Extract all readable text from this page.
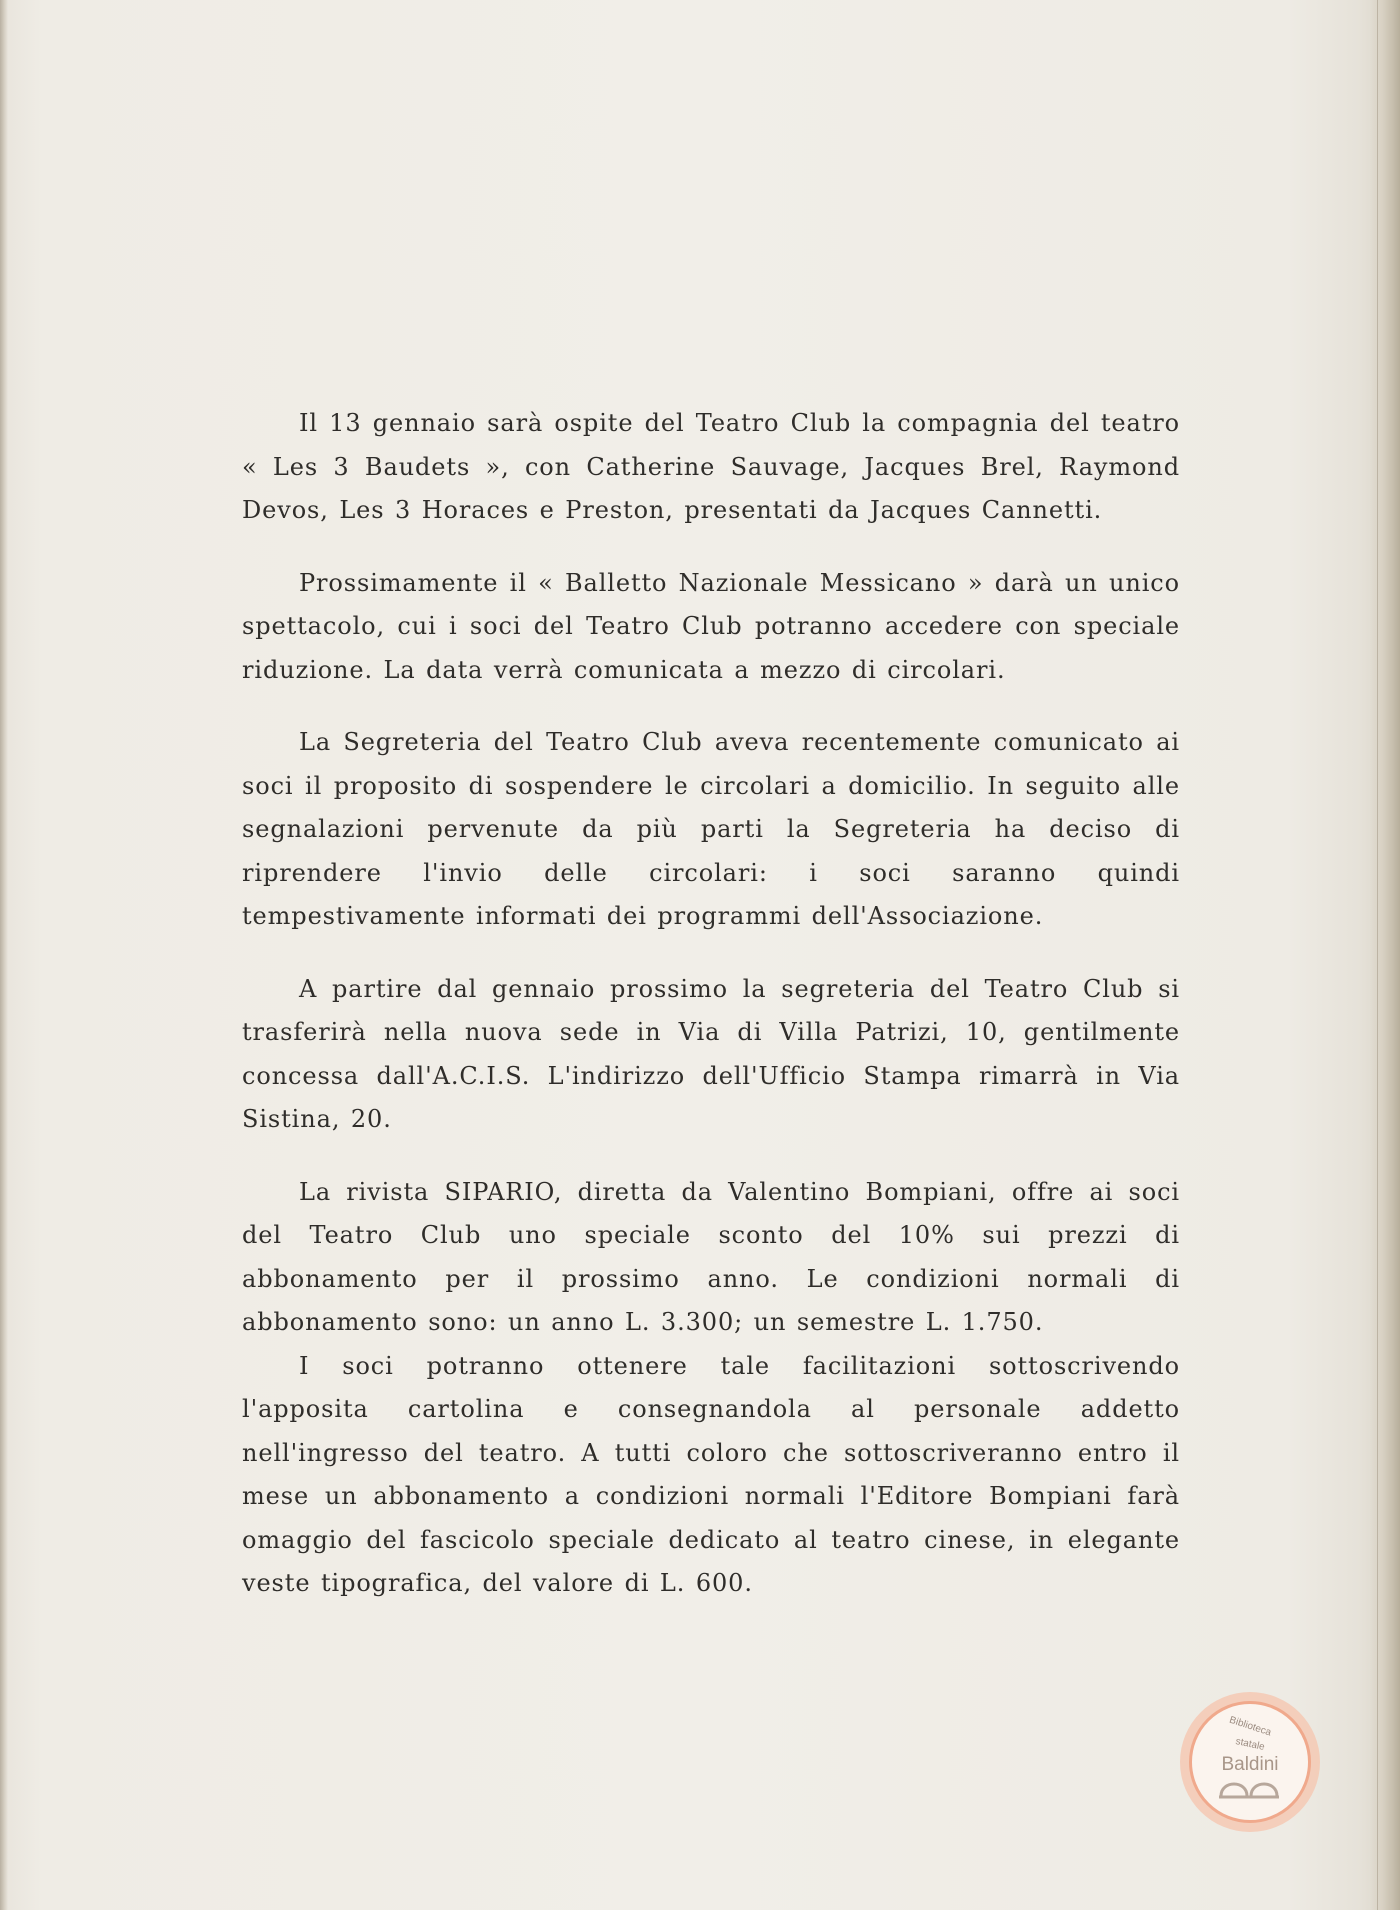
Il 13 gennaio sarà ospite del Teatro Club la compagnia del teatro « Les 3 Baudets », con Catherine Sauvage, Jacques Brel, Raymond Devos, Les 3 Horaces e Preston, presentati da Jacques Cannetti.

Prossimamente il « Balletto Nazionale Messicano » darà un unico spettacolo, cui i soci del Teatro Club potranno accedere con speciale riduzione. La data verrà comunicata a mezzo di circolari.

La Segreteria del Teatro Club aveva recentemente comunicato ai soci il proposito di sospendere le circolari a domicilio. In seguito alle segnalazioni pervenute da più parti la Segreteria ha deciso di riprendere l'invio delle circolari: i soci saranno quindi tempestivamente informati dei programmi dell'Associazione.

A partire dal gennaio prossimo la segreteria del Teatro Club si trasferirà nella nuova sede in Via di Villa Patrizi, 10, gentilmente concessa dall'A.C.I.S. L'indirizzo dell'Ufficio Stampa rimarrà in Via Sistina, 20.

La rivista SIPARIO, diretta da Valentino Bompiani, offre ai soci del Teatro Club uno speciale sconto del 10% sui prezzi di abbonamento per il prossimo anno. Le condizioni normali di abbonamento sono: un anno L. 3.300; un semestre L. 1.750.

I soci potranno ottenere tale facilitazioni sottoscrivendo l'apposita cartolina e consegnandola al personale addetto nell'ingresso del teatro. A tutti coloro che sottoscriveranno entro il mese un abbonamento a condizioni normali l'Editore Bompiani farà omaggio del fascicolo speciale dedicato al teatro cinese, in elegante veste tipografica, del valore di L. 600.

Biblioteca
statale
Baldini
